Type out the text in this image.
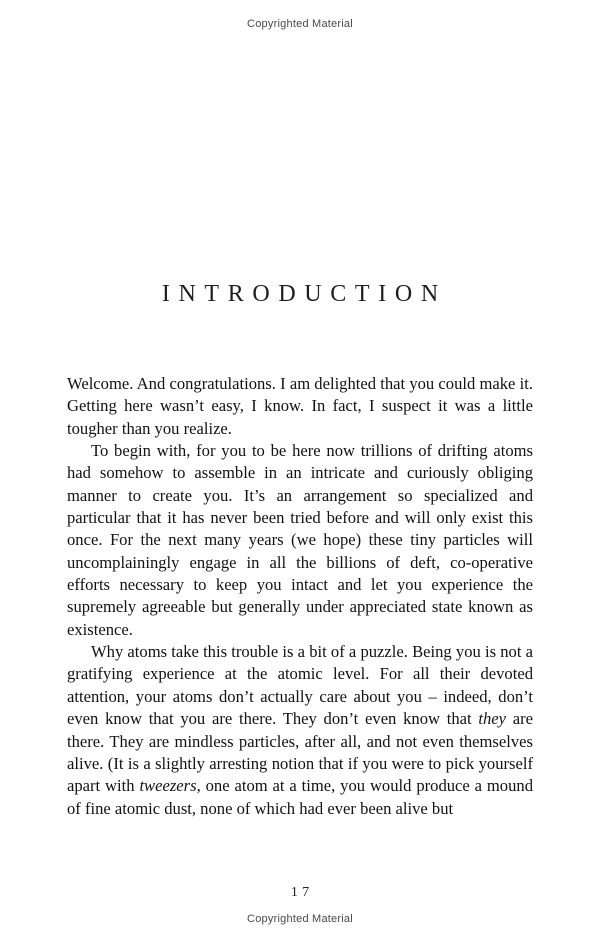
Copyrighted Material
INTRODUCTION

Welcome. And congratulations. I am delighted that you could make it. Getting here wasn’t easy, I know. In fact, I suspect it was a little tougher than you realize.

To begin with, for you to be here now trillions of drifting atoms had somehow to assemble in an intricate and curiously obliging manner to create you. It’s an arrangement so specialized and particular that it has never been tried before and will only exist this once. For the next many years (we hope) these tiny particles will uncomplainingly engage in all the billions of deft, co-operative efforts necessary to keep you intact and let you experience the supremely agreeable but generally under appreciated state known as existence.

Why atoms take this trouble is a bit of a puzzle. Being you is not a gratifying experience at the atomic level. For all their devoted attention, your atoms don’t actually care about you – indeed, don’t even know that you are there. They don’t even know that they are there. They are mindless particles, after all, and not even themselves alive. (It is a slightly arresting notion that if you were to pick yourself apart with tweezers, one atom at a time, you would produce a mound of fine atomic dust, none of which had ever been alive but

17
Copyrighted Material
